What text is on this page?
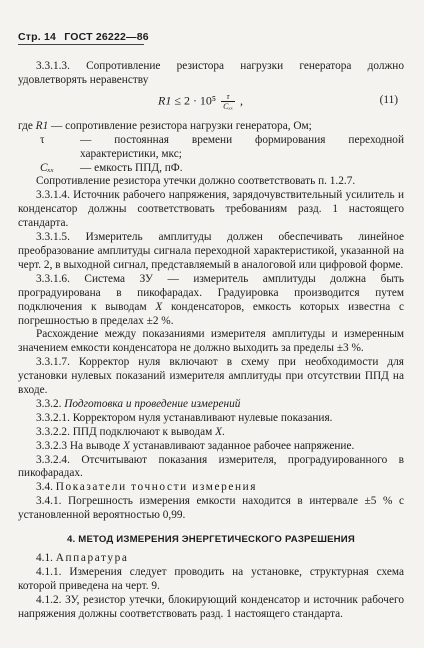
Стр. 14 ГОСТ 26222—86

3.3.1.3. Сопротивление резистора нагрузки генератора должно удовлетворять неравенству

$R1 \le 2 \cdot 10^5 \frac{\tau}{\text{Cₓₓ}}$ ,	(11)

где R1 — сопротивление резистора нагрузки генератора, Ом;

τ	— постоянная времени формирования переходной характеристики, мкс;
Cₓₓ	— емкость ППД, пФ.

Сопротивление резистора утечки должно соответствовать п. 1.2.7.

3.3.1.4. Источник рабочего напряжения, зарядочувствительный усилитель и конденсатор должны соответствовать требованиям разд. 1 настоящего стандарта.

3.3.1.5. Измеритель амплитуды должен обеспечивать линейное преобразование амплитуды сигнала переходной характеристикой, указанной на черт. 2, в выходной сигнал, представляемый в аналоговой или цифровой форме.

3.3.1.6. Система ЗУ — измеритель амплитуды должна быть проградуирована в пикофарадах. Градуировка производится путем подключения к выводам X конденсаторов, емкость которых известна с погрешностью в пределах ±2 %.

Расхождение между показаниями измерителя амплитуды и измеренным значением емкости конденсатора не должно выходить за пределы ±3 %.

3.3.1.7. Корректор нуля включают в схему при необходимости для установки нулевых показаний измерителя амплитуды при отсутствии ППД на входе.

3.3.2. Подготовка и проведение измерений

3.3.2.1. Корректором нуля устанавливают нулевые показания.

3.3.2.2. ППД подключают к выводам X.

3.3.2.3 На выводе X устанавливают заданное рабочее напряжение.

3.3.2.4. Отсчитывают показания измерителя, проградуированного в пикофарадах.

3.4. Показатели точности измерения

3.4.1. Погрешность измерения емкости находится в интервале ±5 % с установленной вероятностью 0,99.

4. МЕТОД ИЗМЕРЕНИЯ ЭНЕРГЕТИЧЕСКОГО РАЗРЕШЕНИЯ

4.1. Аппаратура

4.1.1. Измерения следует проводить на установке, структурная схема которой приведена на черт. 9.

4.1.2. ЗУ, резистор утечки, блокирующий конденсатор и источник рабочего напряжения должны соответствовать разд. 1 настоящего стандарта.
